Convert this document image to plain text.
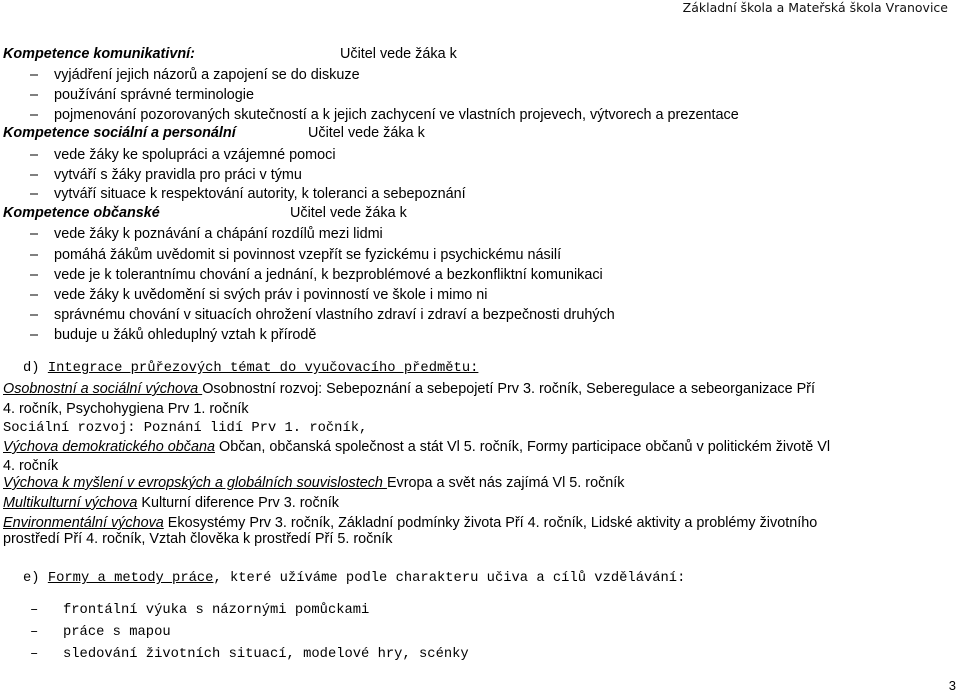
Základní škola a Mateřská škola Vranovice
Kompetence komunikativní:	Učitel vede žáka k
– vyjádření jejich názorů a zapojení se do diskuze
– používání správné terminologie
– pojmenování pozorovaných skutečností a k jejich zachycení ve vlastních projevech, výtvorech a prezentace
Kompetence sociální a personální	Učitel vede žáka k
– vede žáky ke spolupráci a vzájemné pomoci
– vytváří s žáky pravidla pro práci v týmu
– vytváří situace k respektování autority, k toleranci a sebepoznání
Kompetence občanské	Učitel vede žáka k
– vede žáky k poznávání a chápání rozdílů mezi lidmi
– pomáhá žákům uvědomit si povinnost vzepřít se fyzickému i psychickému násilí
– vede je k tolerantnímu chování a jednání, k bezproblémové a bezkonfliktní komunikaci
– vede žáky k uvědomění si svých práv i povinností ve škole i mimo ni
– správnému chování v situacích ohrožení vlastního zdraví i zdraví a bezpečnosti druhých
– buduje u žáků ohleduplný vztah k přírodě
d) Integrace průřezových témat do vyučovacího předmětu:
Osobnostní a sociální výchova Osobnostní rozvoj: Sebepoznání a sebepojetí Prv 3. ročník, Seberegulace a sebeorganizace Pří
4. ročník, Psychohygiena Prv 1. ročník
Sociální rozvoj: Poznání lidí Prv 1. ročník,
Výchova demokratického občana Občan, občanská společnost a stát Vl 5. ročník, Formy participace občanů v politickém životě Vl
4. ročník
Výchova k myšlení v evropských a globálních souvislostech Evropa a svět nás zajímá Vl 5. ročník
Multikulturní výchova Kulturní diference Prv 3. ročník
Environmentální výchova Ekosystémy Prv 3. ročník, Základní podmínky života Pří 4. ročník, Lidské aktivity a problémy životního
prostředí Pří 4. ročník, Vztah člověka k prostředí Pří 5. ročník
e) Formy a metody práce, které užíváme podle charakteru učiva a cílů vzdělávání:
– frontální výuka s názornými pomůckami
– práce s mapou
– sledování životních situací, modelové hry, scénky
3
